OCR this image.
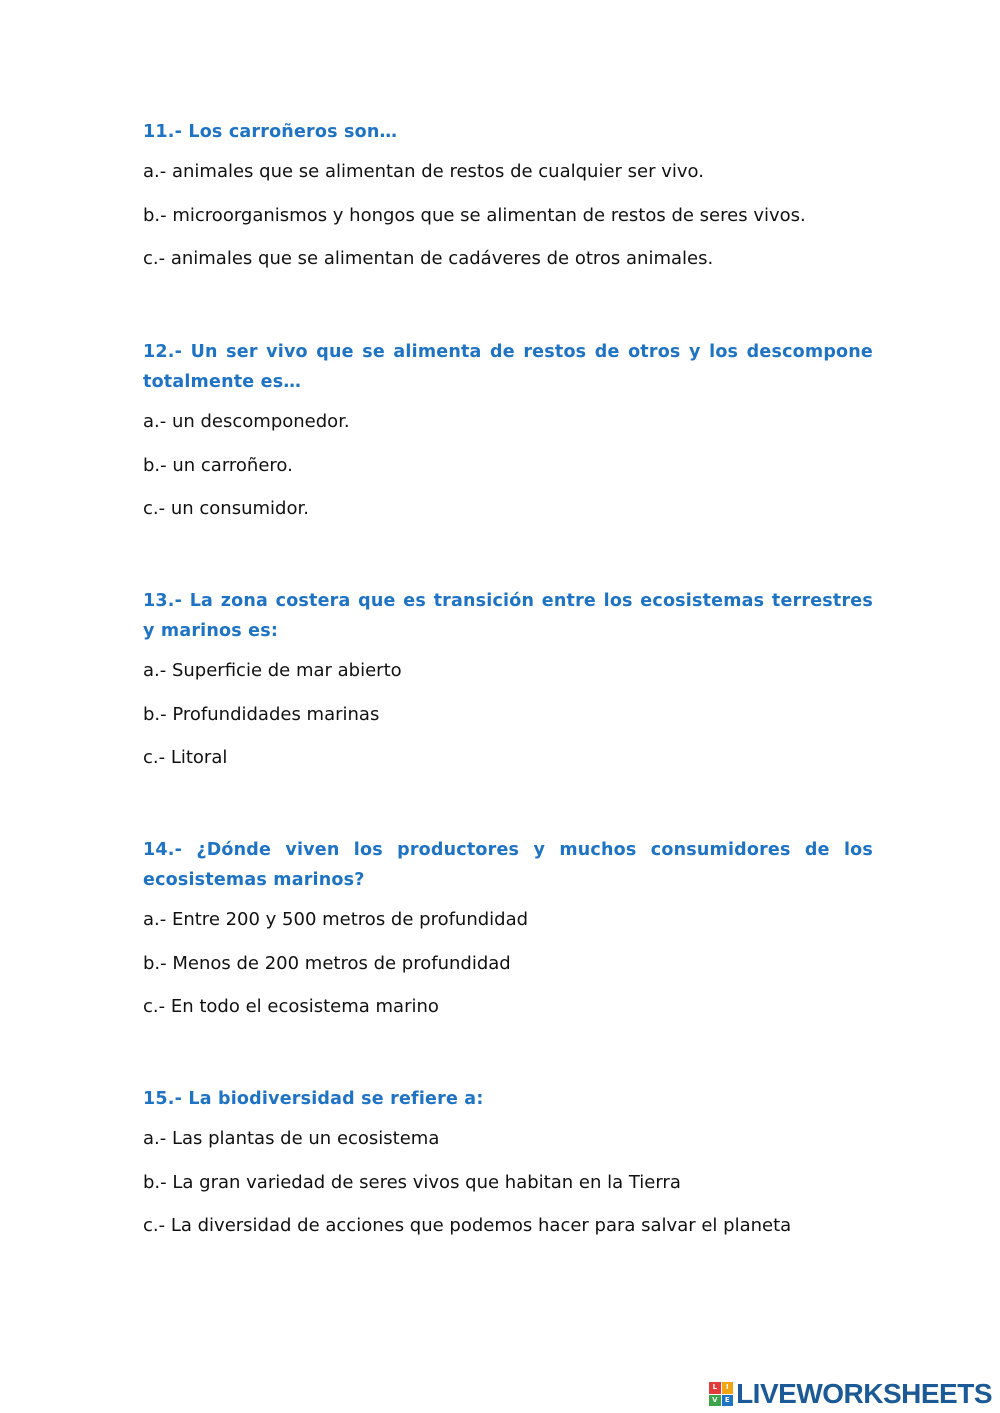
11.- Los carroñeros son…

a.- animales que se alimentan de restos de cualquier ser vivo.

b.- microorganismos y hongos que se alimentan de restos de seres vivos.

c.- animales que se alimentan de cadáveres de otros animales.

12.- Un ser vivo que se alimenta de restos de otros y los descompone totalmente es…

a.- un descomponedor.

b.- un carroñero.

c.- un consumidor.

13.- La zona costera que es transición entre los ecosistemas terrestres y marinos es:

a.- Superficie de mar abierto

b.- Profundidades marinas

c.- Litoral

14.- ¿Dónde viven los productores y muchos consumidores de los ecosistemas marinos?

a.- Entre 200 y 500 metros de profundidad

b.- Menos de 200 metros de profundidad

c.- En todo el ecosistema marino

15.- La biodiversidad se refiere a:

a.- Las plantas de un ecosistema

b.- La gran variedad de seres vivos que habitan en la Tierra

c.- La diversidad de acciones que podemos hacer para salvar el planeta

L	I
V	E LIVEWORKSHEETS
